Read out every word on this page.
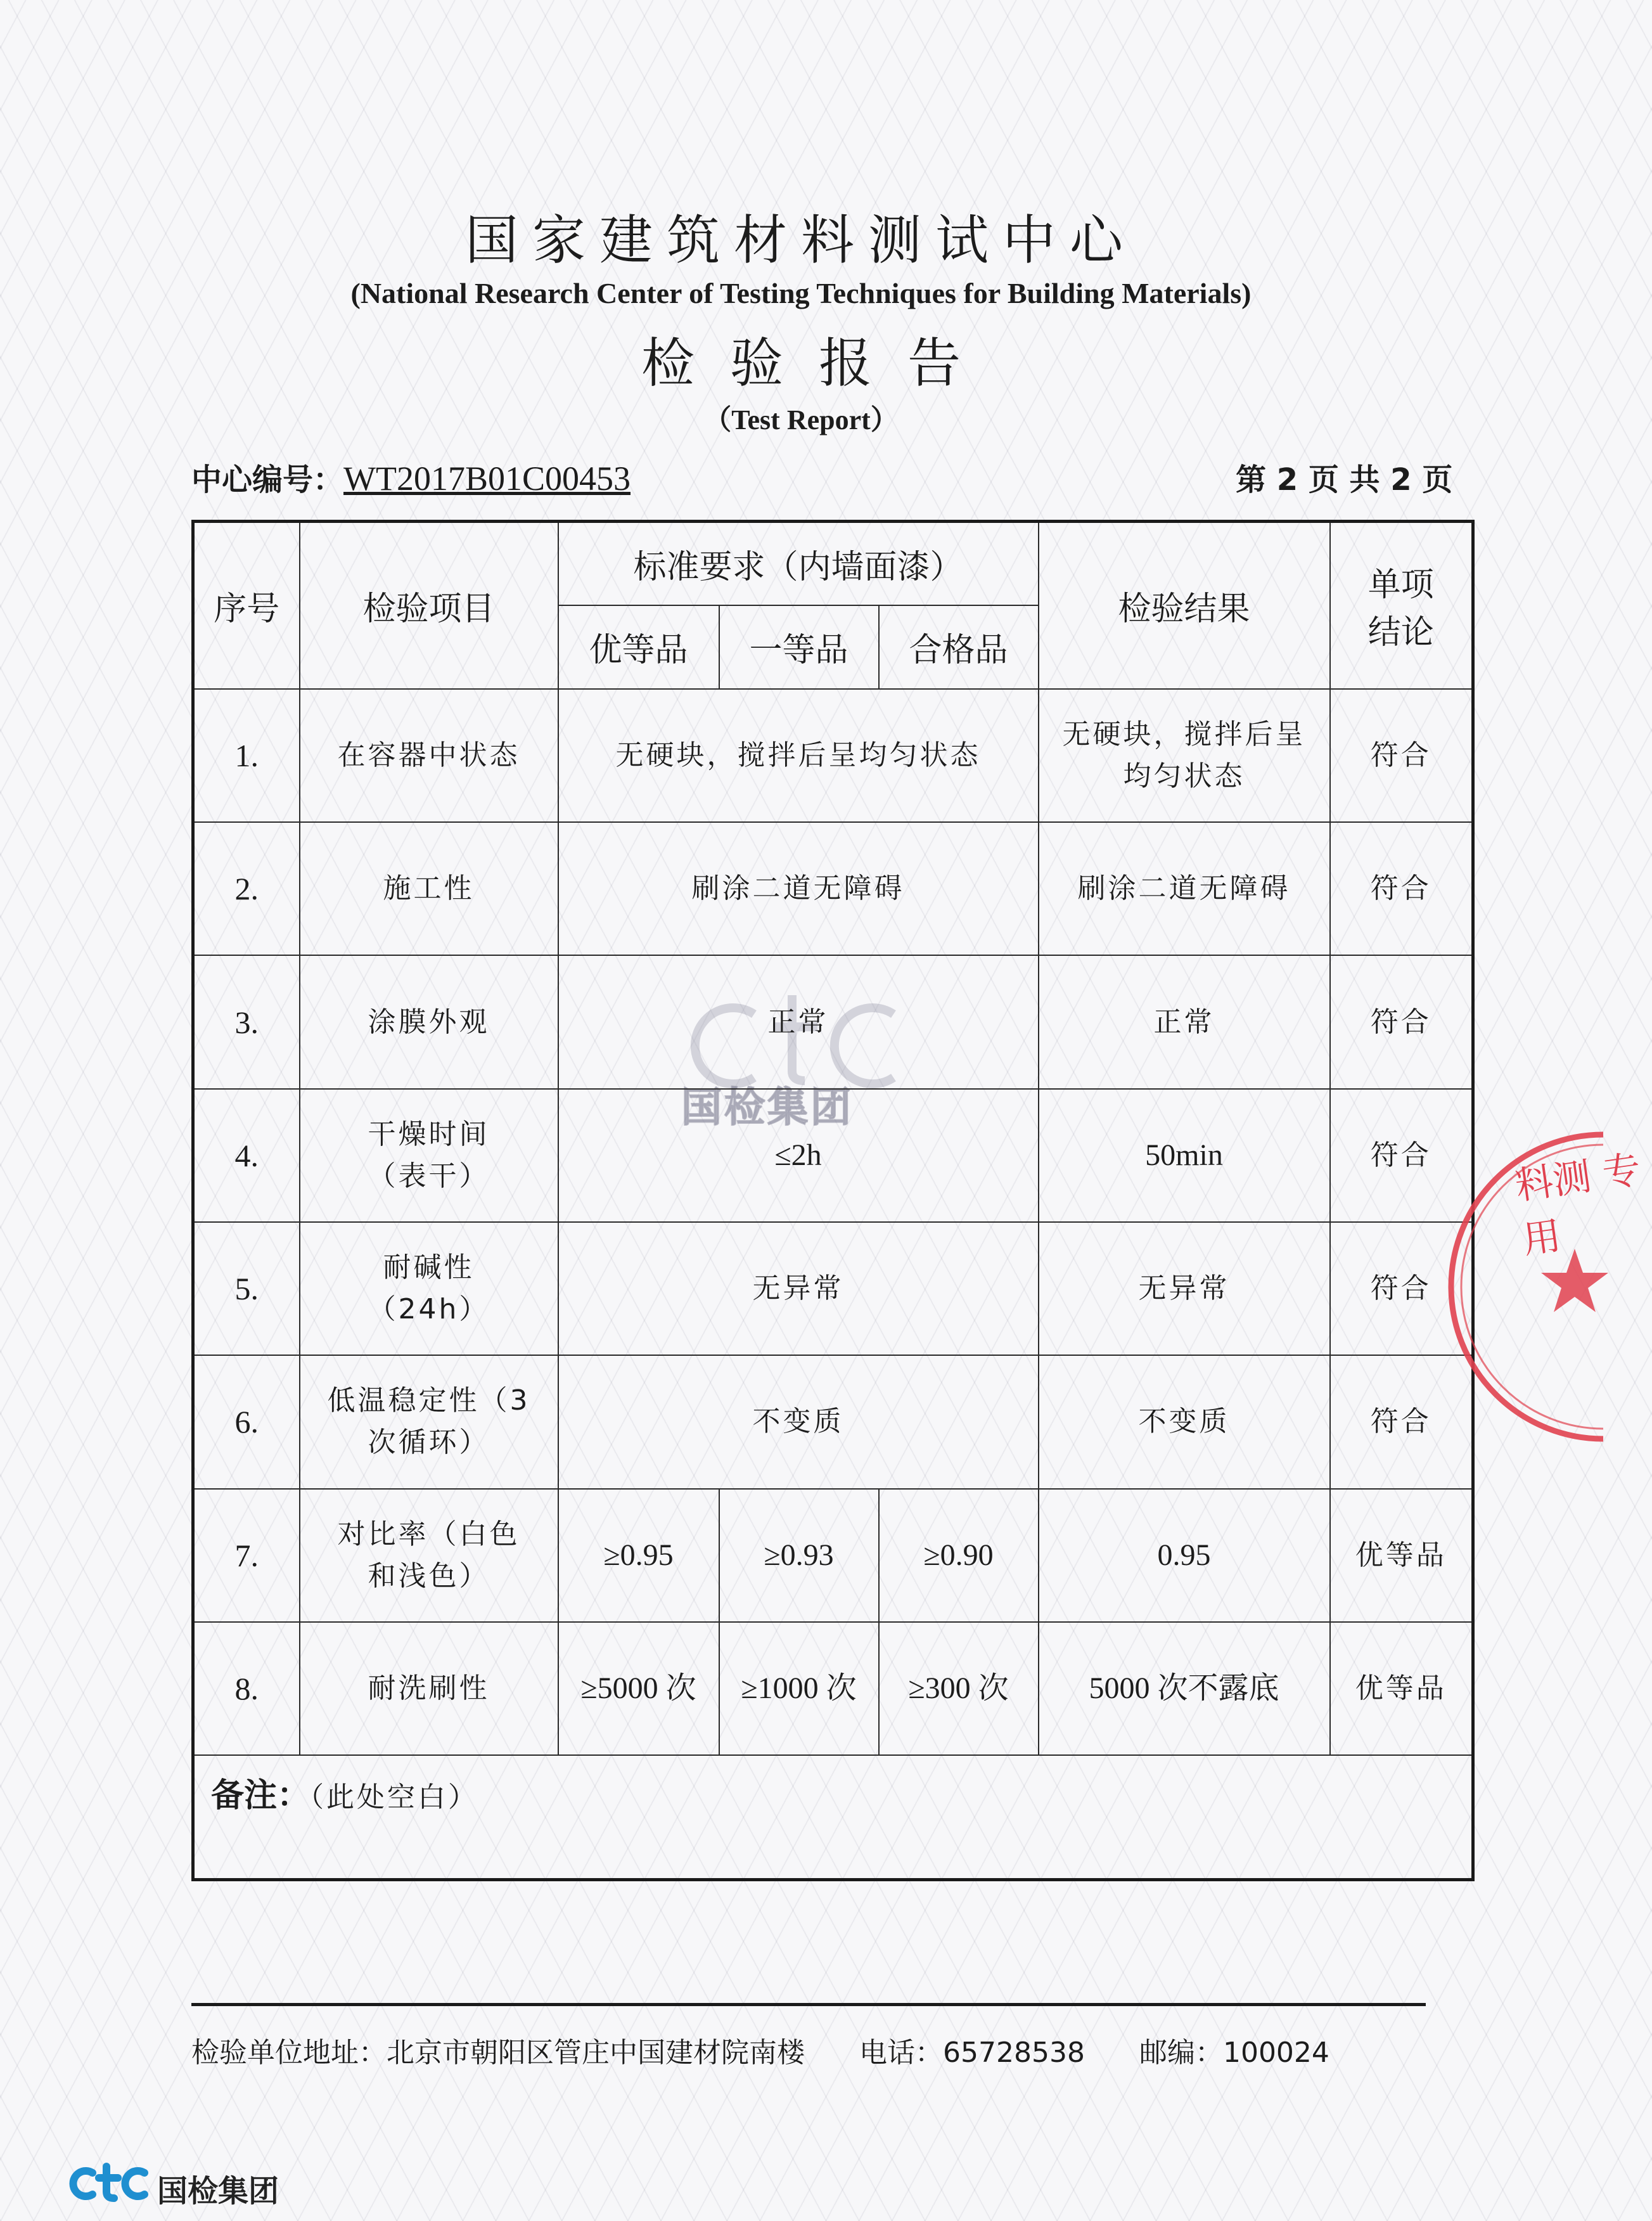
国家建筑材料测试中心
(National Research Center of Testing Techniques for Building Materials)
检验报告
（Test Report）
中心编号：WT2017B01C00453	第 2 页 共 2 页
国检集团
序号	检验项目	标准要求（内墙面漆）			检验结果	单项
结论

		优等品	一等品	合格品		
1.	在容器中状态	无硬块，搅拌后呈均匀状态			无硬块，搅拌后呈均匀状态	符合
2.	施工性	刷涂二道无障碍			刷涂二道无障碍	符合
3.	涂膜外观	正常			正常	符合
4.	干燥时间（表干）	≤2h			50min	符合
5.	耐碱性（24h）	无异常			无异常	符合
6.	低温稳定性（3 次循环）	不变质			不变质	符合
7.	对比率（白色和浅色）	≥0.95	≥0.93	≥0.90	0.95	优等品
8.	耐洗刷性	≥5000 次	≥1000 次	≥300 次	5000 次不露底	优等品
备注：（此处空白）						
料测 专用
检验单位地址：北京市朝阳区管庄中国建材院南楼 电话：65728538 邮编：100024
国检集团
